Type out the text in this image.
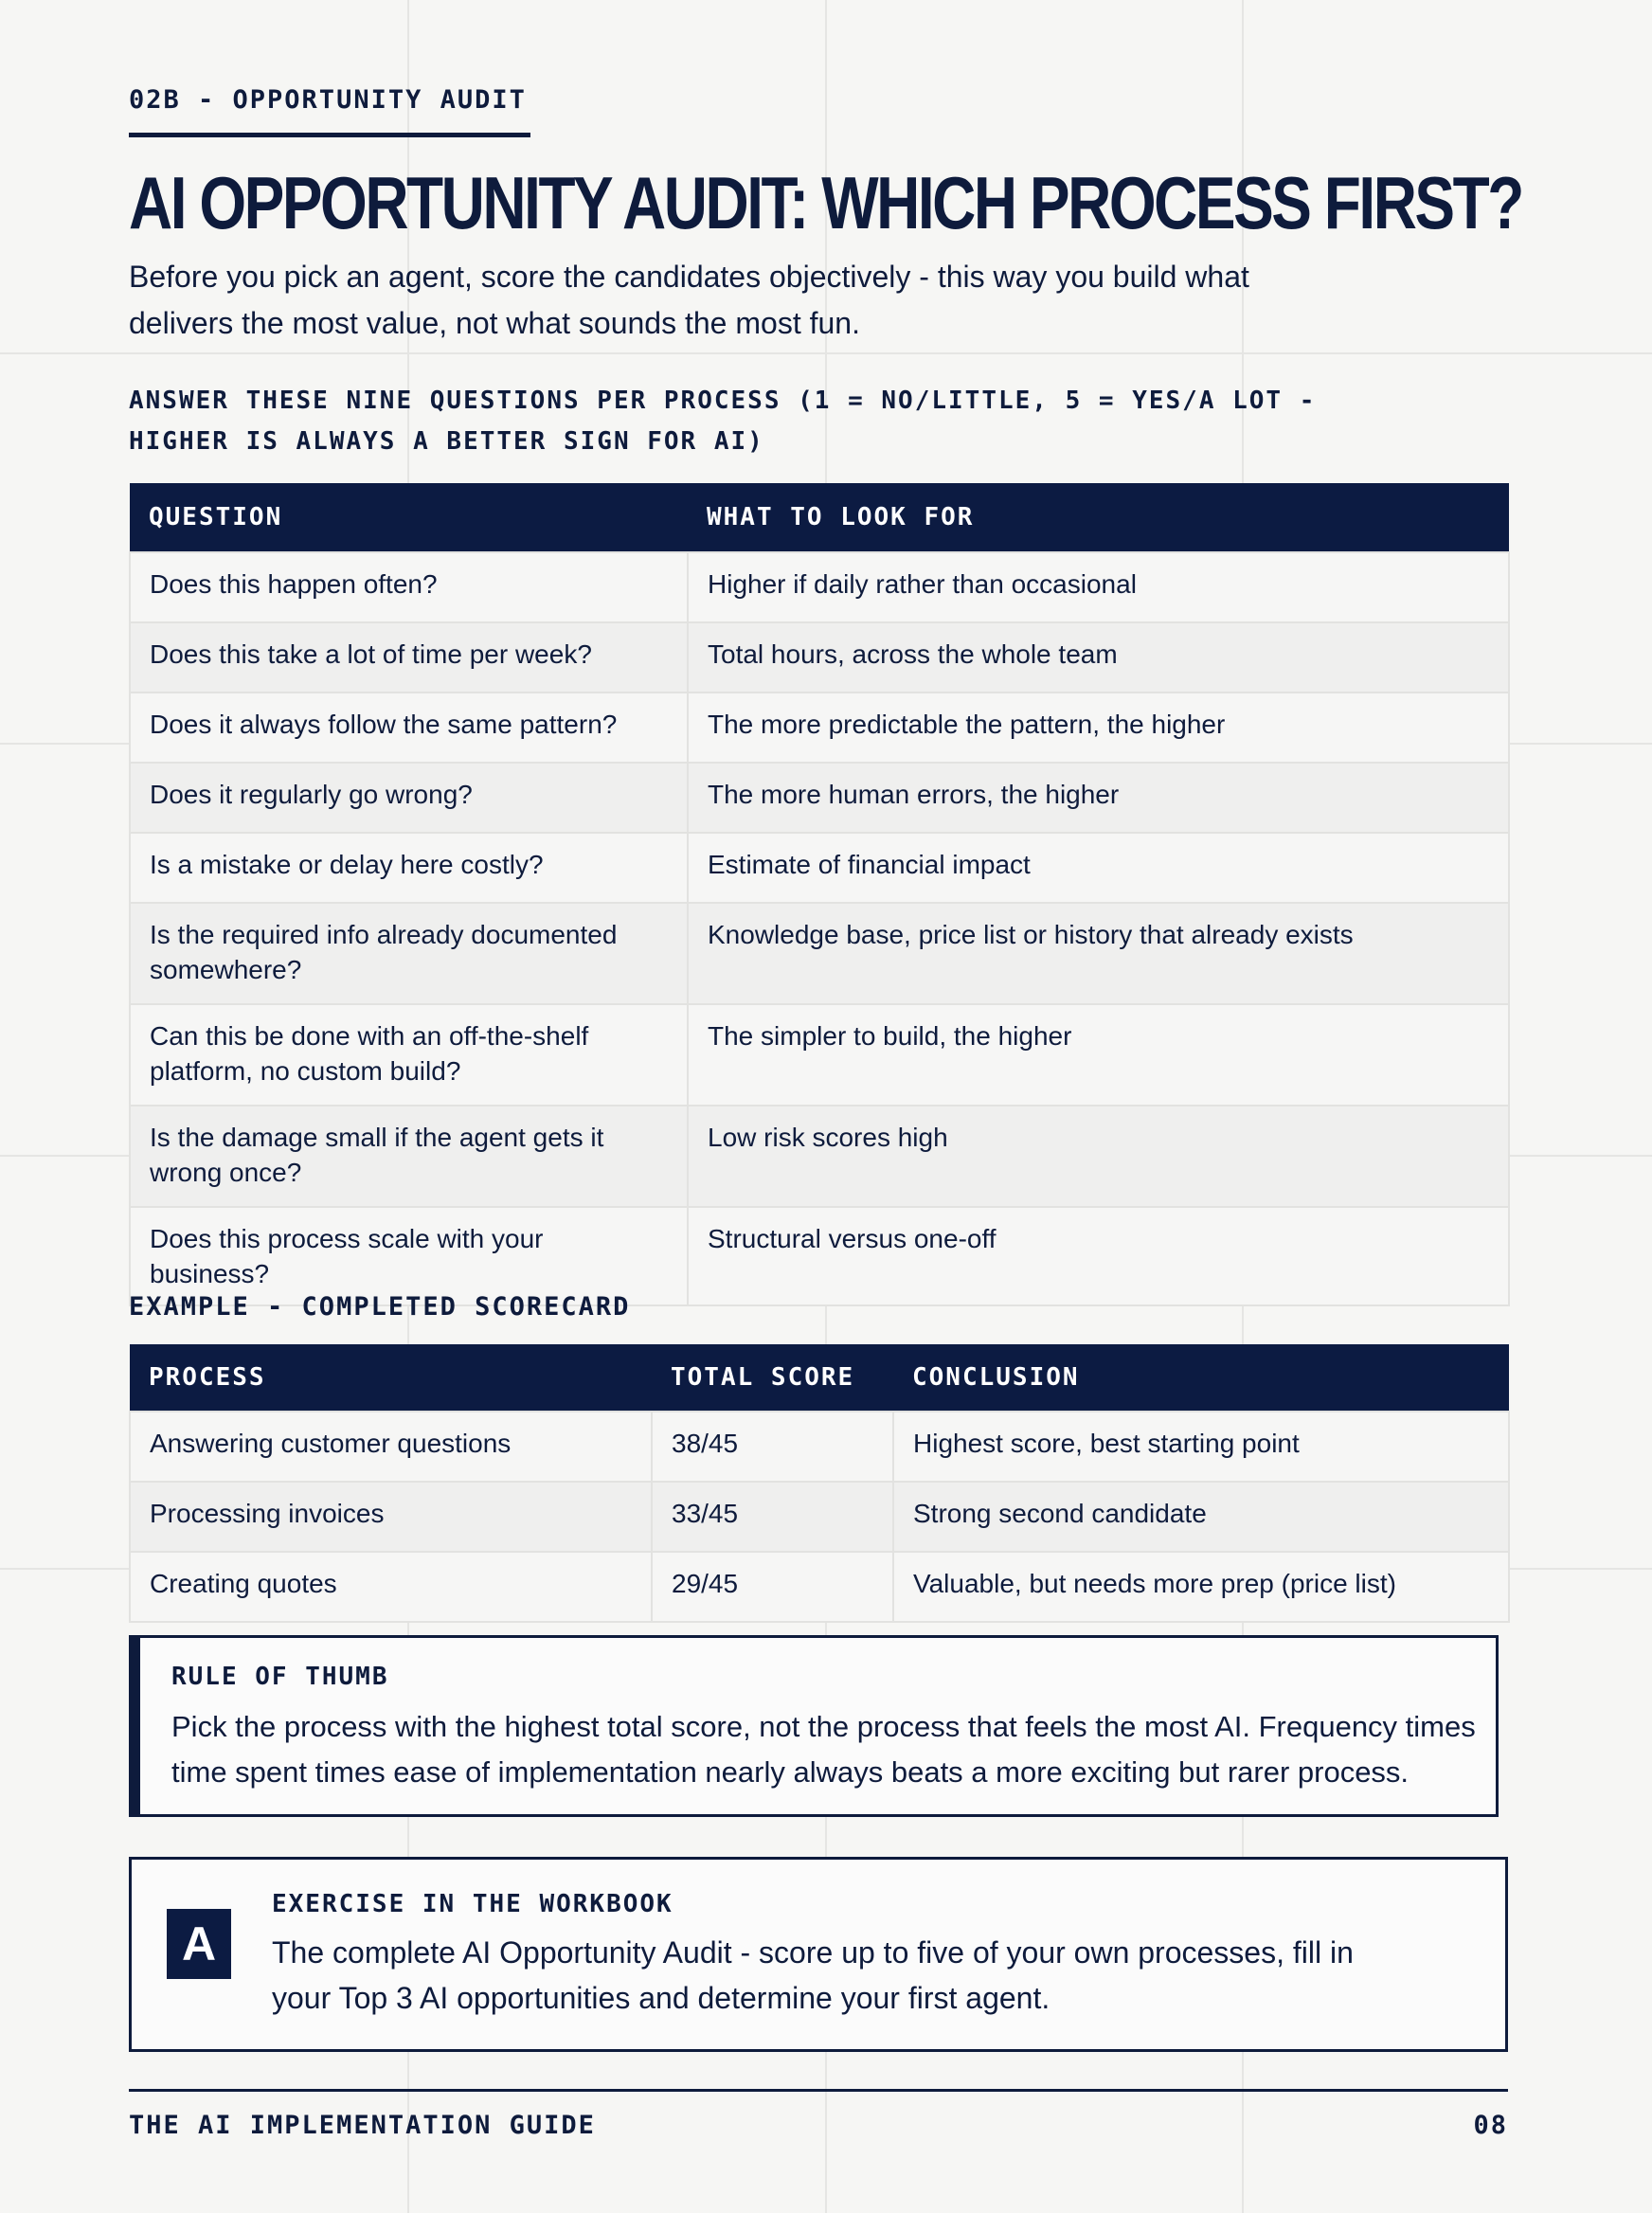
02B - OPPORTUNITY AUDIT
AI OPPORTUNITY AUDIT: WHICH PROCESS FIRST?
Before you pick an agent, score the candidates objectively - this way you build what delivers the most value, not what sounds the most fun.
ANSWER THESE NINE QUESTIONS PER PROCESS (1 = NO/LITTLE, 5 = YES/A LOT - HIGHER IS ALWAYS A BETTER SIGN FOR AI)
QUESTION	WHAT TO LOOK FOR
Does this happen often?	Higher if daily rather than occasional
Does this take a lot of time per week?	Total hours, across the whole team
Does it always follow the same pattern?	The more predictable the pattern, the higher
Does it regularly go wrong?	The more human errors, the higher
Is a mistake or delay here costly?	Estimate of financial impact
Is the required info already documented somewhere?	Knowledge base, price list or history that already exists
Can this be done with an off-the-shelf platform, no custom build?	The simpler to build, the higher
Is the damage small if the agent gets it wrong once?	Low risk scores high
Does this process scale with your business?	Structural versus one-off
EXAMPLE - COMPLETED SCORECARD
PROCESS	TOTAL SCORE	CONCLUSION
Answering customer questions	38/45	Highest score, best starting point
Processing invoices	33/45	Strong second candidate
Creating quotes	29/45	Valuable, but needs more prep (price list)
RULE OF THUMB
Pick the process with the highest total score, not the process that feels the most AI. Frequency times time spent times ease of implementation nearly always beats a more exciting but rarer process.
A
EXERCISE IN THE WORKBOOK
The complete AI Opportunity Audit - score up to five of your own processes, fill in your Top 3 AI opportunities and determine your first agent.
THE AI IMPLEMENTATION GUIDE	08
